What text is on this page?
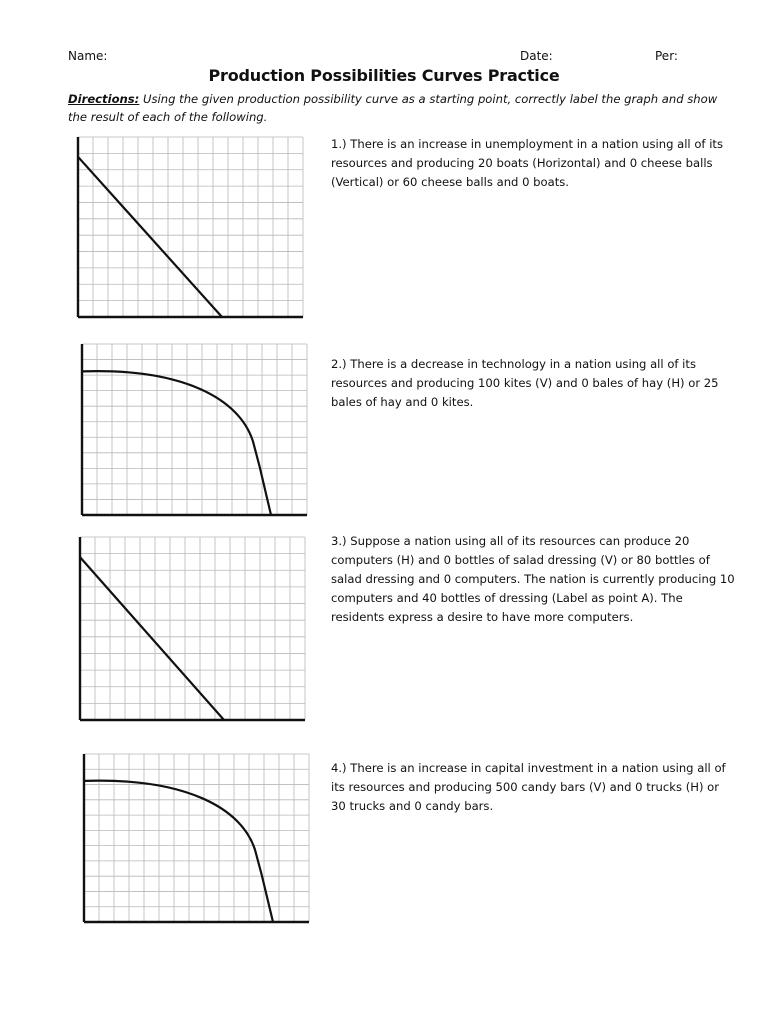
Name:	Date:	Per:
Production Possibilities Curves Practice
Directions: Using the given production possibility curve as a starting point, correctly label the graph and show the result of each of the following.
1.) There is an increase in unemployment in a nation using all of its resources and producing 20 boats (Horizontal) and 0 cheese balls (Vertical) or 60 cheese balls and 0 boats.
2.) There is a decrease in technology in a nation using all of its resources and producing 100 kites (V) and 0 bales of hay (H) or 25 bales of hay and 0 kites.
3.) Suppose a nation using all of its resources can produce 20 computers (H) and 0 bottles of salad dressing (V) or 80 bottles of salad dressing and 0 computers. The nation is currently producing 10 computers and 40 bottles of dressing (Label as point A). The residents express a desire to have more computers.
4.) There is an increase in capital investment in a nation using all of its resources and producing 500 candy bars (V) and 0 trucks (H) or 30 trucks and 0 candy bars.
